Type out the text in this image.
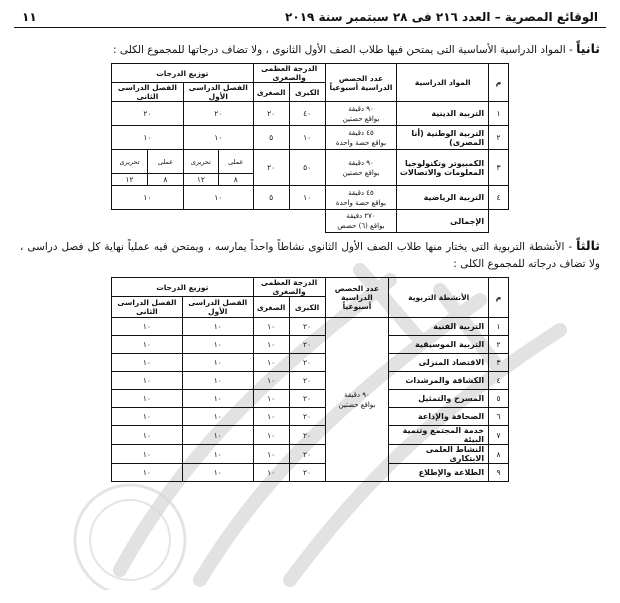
الوقائع المصرية – العدد ٢١٦ فى ٢٨ سبتمبر سنة ٢٠١٩
١١

ثانياً - المواد الدراسية الأساسية التى يمتحن فيها طلاب الصف الأول الثانوى ، ولا تضاف درجاتها للمجموع الكلى :

م	المواد الدراسية	عدد الحصص الدراسية أسبوعياً	الدرجة العظمى والصغرى		توزيع الدرجات			
			الكبرى	الصغرى	الفصل الدراسى الأول		الفصل الدراسى الثانى	
١	التربية الدينية	٩٠ دقيقة
بواقع حصتين	٤٠	٢٠	٢٠		٢٠	
٢	التربية الوطنية (أنا المصرى)	٤٥ دقيقة
بواقع حصة واحدة	١٠	٥	١٠		١٠	
٣	الكمبيوتر وتكنولوجيا المعلومات والاتصالات	٩٠ دقيقة
بواقع حصتين	٥٠	٢٠	عملى	تحريرى	عملى	تحريرى
					٨	١٢	٨	١٢
٤	التربية الرياضية	٤٥ دقيقة
بواقع حصة واحدة	١٠	٥	١٠		١٠	
	الإجمالى	٢٧٠ دقيقة
بواقع (٦) حصص						

ثالثاً - الأنشطة التربوية التى يختار منها طلاب الصف الأول الثانوى نشاطاً واحداً يمارسه ، ويمتحن فيه عملياً نهاية كل فصل دراسى ، ولا تضاف درجاته للمجموع الكلى :

م	الأنشطة التربوية	عدد الحصص الدراسية أسبوعياً	الدرجة العظمى والصغرى		توزيع الدرجات	
			الكبرى	الصغرى	الفصل الدراسى الأول	الفصل الدراسى الثانى
١	التربية الفنية	٩٠ دقيقة
بواقع حصتين	٢٠	١٠	١٠	١٠
٢	التربية الموسيقية		٢٠	١٠	١٠	١٠
٣	الاقتصاد المنزلى		٢٠	١٠	١٠	١٠
٤	الكشافة والمرشدات		٢٠	١٠	١٠	١٠
٥	المسرح والتمثيل		٢٠	١٠	١٠	١٠
٦	الصحافة والإذاعة		٢٠	١٠	١٠	١٠
٧	خدمة المجتمع وتنمية البيئة		٢٠	١٠	١٠	١٠
٨	النشاط العلمى الابتكارى		٢٠	١٠	١٠	١٠
٩	الطلاعة والإطلاع		٢٠	١٠	١٠	١٠
